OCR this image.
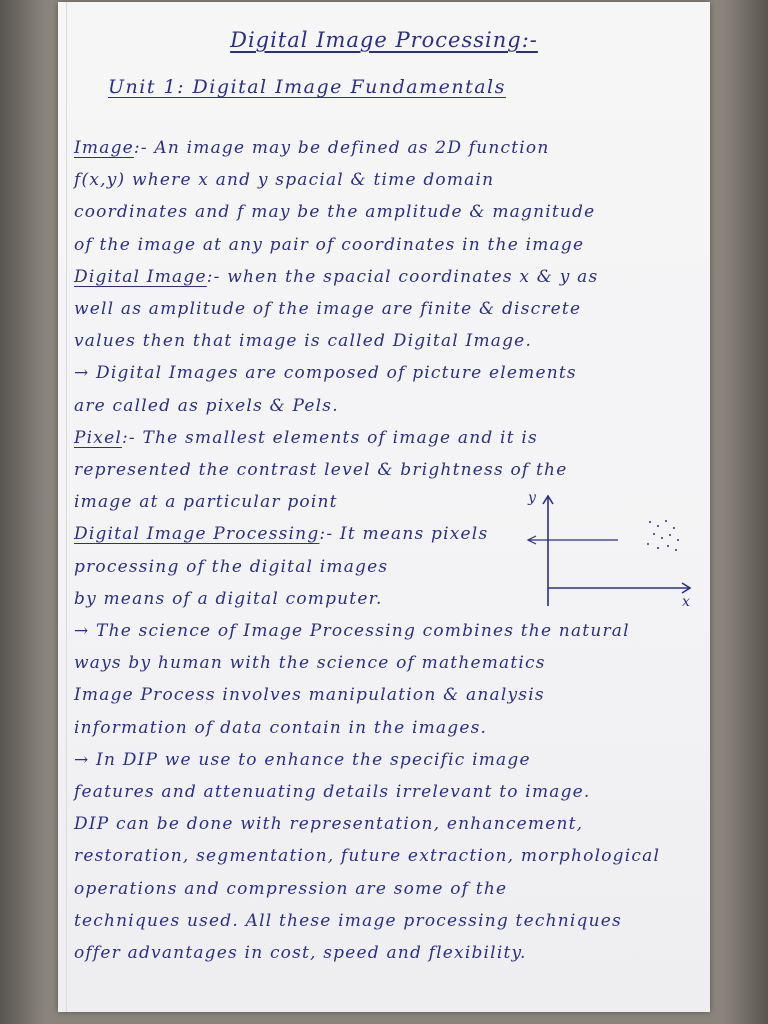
Digital Image Processing:-
Unit 1: Digital Image Fundamentals
Image:- An image may be defined as 2D function
f(x,y) where x and y spacial & time domain
coordinates and f may be the amplitude & magnitude
of the image at any pair of coordinates in the image
Digital Image:- when the spacial coordinates x & y as
well as amplitude of the image are finite & discrete
values then that image is called Digital Image.
→ Digital Images are composed of picture elements
are called as pixels & Pels.
Pixel:- The smallest elements of image and it is
represented the contrast level & brightness of the
image at a particular point
Digital Image Processing:- It means pixels
processing of the digital images
by means of a digital computer.
→ The science of Image Processing combines the natural
ways by human with the science of mathematics
Image Process involves manipulation & analysis
information of data contain in the images.
→ In DIP we use to enhance the specific image
features and attenuating details irrelevant to image.
DIP can be done with representation, enhancement,
restoration, segmentation, future extraction, morphological
operations and compression are some of the
techniques used. All these image processing techniques
offer advantages in cost, speed and flexibility.
y
x
